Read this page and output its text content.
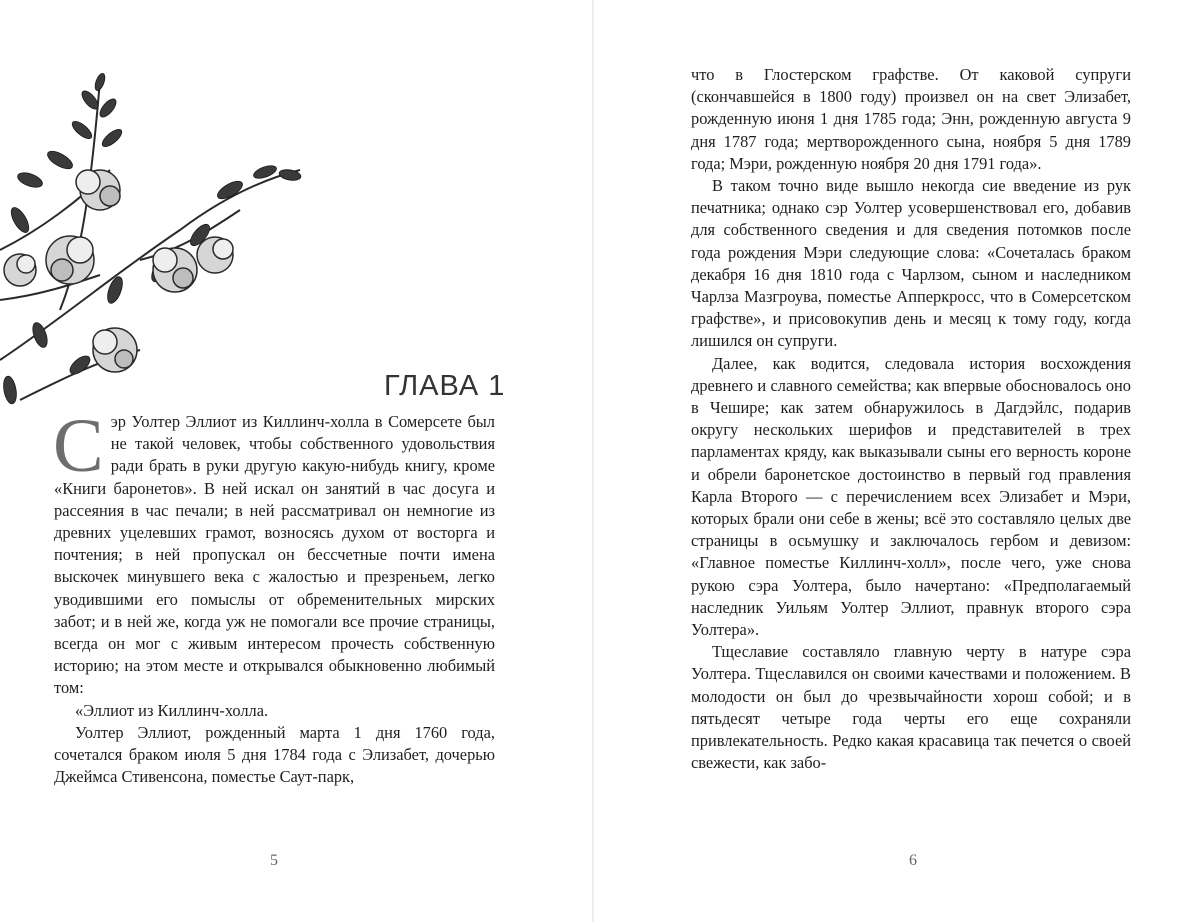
ГЛАВА 1

Сэр Уолтер Эллиот из Киллинч-холла в Сомерсете был не такой человек, чтобы собственного удовольствия ради брать в руки другую какую-нибудь книгу, кроме «Книги баронетов». В ней искал он занятий в час досуга и рассеяния в час печали; в ней рассматривал он немногие из древних уцелевших грамот, возносясь духом от восторга и почтения; в ней пропускал он бессчетные почти имена выскочек минувшего века с жалостью и презреньем, легко уводившими его помыслы от обременительных мирских забот; и в ней же, когда уж не помогали все прочие страницы, всегда он мог с живым интересом прочесть собственную историю; на этом месте и открывался обыкновенно любимый том:

«Эллиот из Киллинч-холла.

Уолтер Эллиот, рожденный марта 1 дня 1760 года, сочетался браком июля 5 дня 1784 года с Элизабет, дочерью Джеймса Стивенсона, поместье Саут-парк,

5

что в Глостерском графстве. От каковой супруги (скончавшейся в 1800 году) произвел он на свет Элизабет, рожденную июня 1 дня 1785 года; Энн, рожденную августа 9 дня 1787 года; мертворожденного сына, ноября 5 дня 1789 года; Мэри, рожденную ноября 20 дня 1791 года».

В таком точно виде вышло некогда сие введение из рук печатника; однако сэр Уолтер усовершенствовал его, добавив для собственного сведения и для сведения потомков после года рождения Мэри следующие слова: «Сочеталась браком декабря 16 дня 1810 года с Чарлзом, сыном и наследником Чарлза Мазгроува, поместье Апперкросс, что в Сомерсетском графстве», и присовокупив день и месяц к тому году, когда лишился он супруги.

Далее, как водится, следовала история восхождения древнего и славного семейства; как впервые обосновалось оно в Чешире; как затем обнаружилось в Дагдэйлс, подарив округу нескольких шерифов и представителей в трех парламентах кряду, как выказывали сыны его верность короне и обрели баронетское достоинство в первый год правления Карла Второго — с перечислением всех Элизабет и Мэри, которых брали они себе в жены; всё это составляло целых две страницы в осьмушку и заключалось гербом и девизом: «Главное поместье Киллинч-холл», после чего, уже снова рукою сэра Уолтера, было начертано: «Предполагаемый наследник Уильям Уолтер Эллиот, правнук второго сэра Уолтера».

Тщеславие составляло главную черту в натуре сэра Уолтера. Тщеславился он своими качествами и положением. В молодости он был до чрезвычайности хорош собой; и в пятьдесят четыре года черты его еще сохраняли привлекательность. Редко какая красавица так печется о своей свежести, как забо-

6
